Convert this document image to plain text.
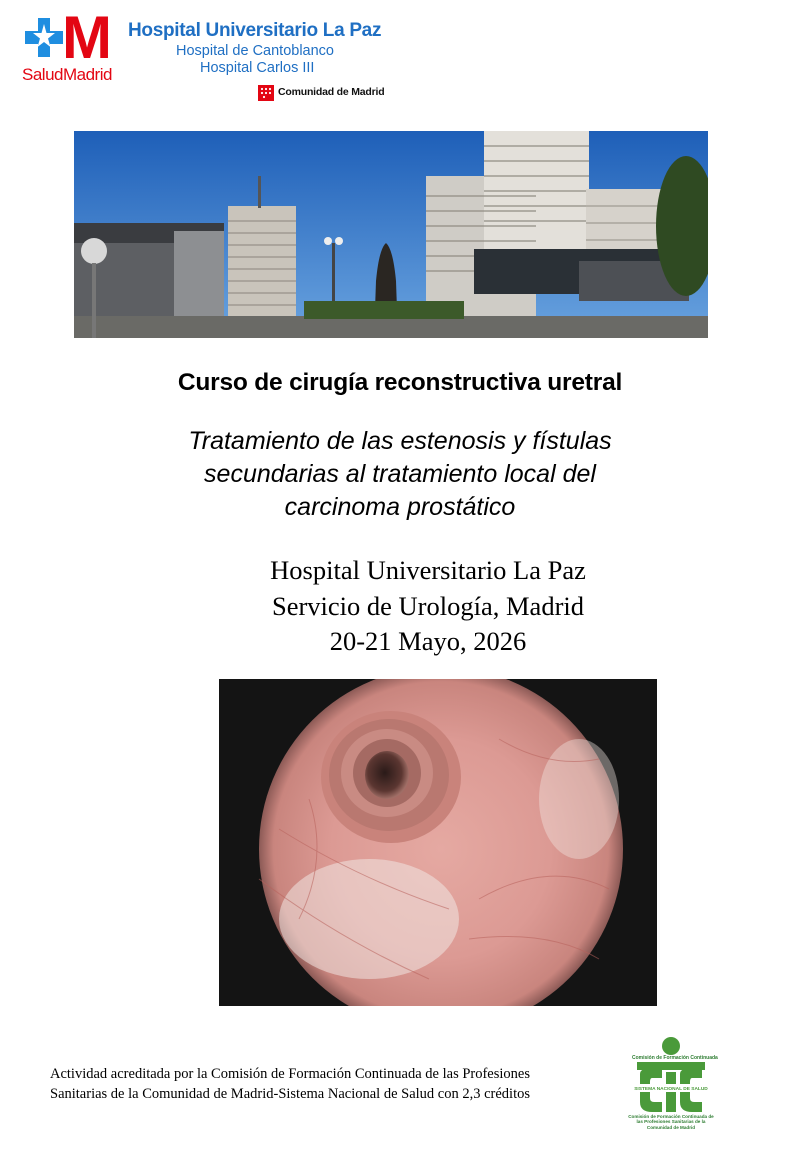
M
SaludMadrid
Hospital Universitario La Paz
Hospital de Cantoblanco
Hospital Carlos III
Comunidad de Madrid
Curso de cirugía reconstructiva uretral
Tratamiento de las estenosis y fístulas
secundarias al tratamiento local del
carcinoma prostático
Hospital Universitario La Paz
Servicio de Urología, Madrid
20-21 Mayo, 2026
Actividad acreditada por la Comisión de Formación Continuada de las Profesiones
Sanitarias de la Comunidad de Madrid-Sistema Nacional de Salud con 2,3 créditos	SISTEMA NACIONAL DE SALUD
Comisión de Formación Continuada
Comisión de Formación Continuada de las Profesiones Sanitarias de la Comunidad de Madrid
